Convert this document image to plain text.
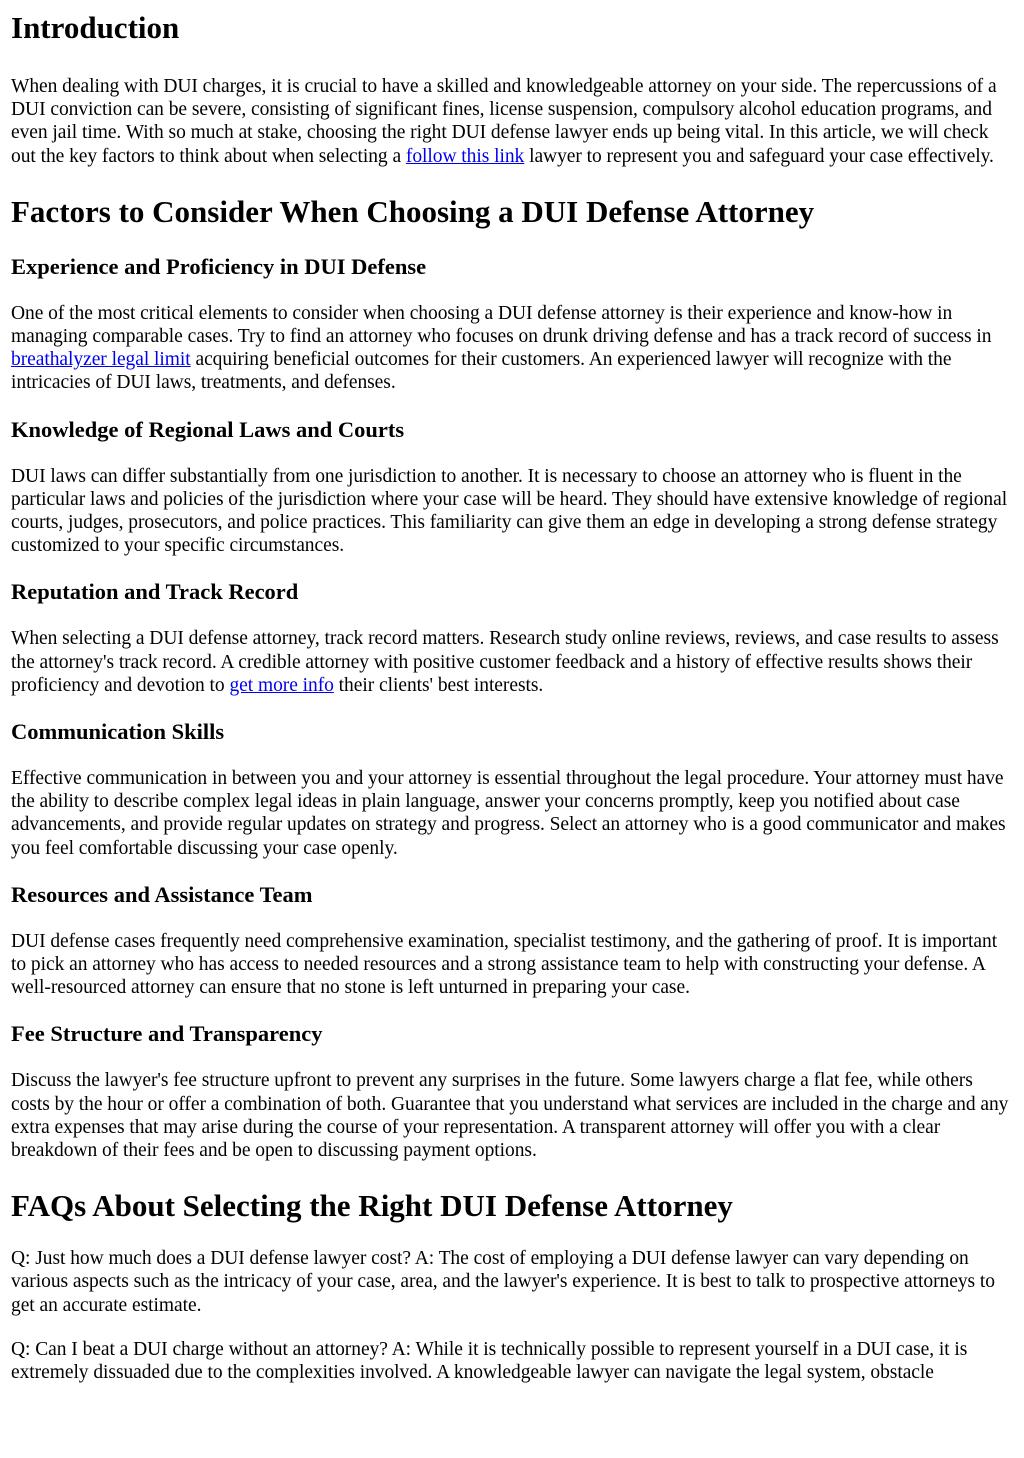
Introduction

When dealing with DUI charges, it is crucial to have a skilled and knowledgeable attorney on your side. The repercussions of a DUI conviction can be severe, consisting of significant fines, license suspension, compulsory alcohol education programs, and even jail time. With so much at stake, choosing the right DUI defense lawyer ends up being vital. In this article, we will check out the key factors to think about when selecting a follow this link lawyer to represent you and safeguard your case effectively.

Factors to Consider When Choosing a DUI Defense Attorney
Experience and Proficiency in DUI Defense

One of the most critical elements to consider when choosing a DUI defense attorney is their experience and know-how in managing comparable cases. Try to find an attorney who focuses on drunk driving defense and has a track record of success in breathalyzer legal limit acquiring beneficial outcomes for their customers. An experienced lawyer will recognize with the intricacies of DUI laws, treatments, and defenses.

Knowledge of Regional Laws and Courts

DUI laws can differ substantially from one jurisdiction to another. It is necessary to choose an attorney who is fluent in the particular laws and policies of the jurisdiction where your case will be heard. They should have extensive knowledge of regional courts, judges, prosecutors, and police practices. This familiarity can give them an edge in developing a strong defense strategy customized to your specific circumstances.

Reputation and Track Record

When selecting a DUI defense attorney, track record matters. Research study online reviews, reviews, and case results to assess the attorney's track record. A credible attorney with positive customer feedback and a history of effective results shows their proficiency and devotion to get more info their clients' best interests.

Communication Skills

Effective communication in between you and your attorney is essential throughout the legal procedure. Your attorney must have the ability to describe complex legal ideas in plain language, answer your concerns promptly, keep you notified about case advancements, and provide regular updates on strategy and progress. Select an attorney who is a good communicator and makes you feel comfortable discussing your case openly.

Resources and Assistance Team

DUI defense cases frequently need comprehensive examination, specialist testimony, and the gathering of proof. It is important to pick an attorney who has access to needed resources and a strong assistance team to help with constructing your defense. A well-resourced attorney can ensure that no stone is left unturned in preparing your case.

Fee Structure and Transparency

Discuss the lawyer's fee structure upfront to prevent any surprises in the future. Some lawyers charge a flat fee, while others costs by the hour or offer a combination of both. Guarantee that you understand what services are included in the charge and any extra expenses that may arise during the course of your representation. A transparent attorney will offer you with a clear breakdown of their fees and be open to discussing payment options.

FAQs About Selecting the Right DUI Defense Attorney

Q: Just how much does a DUI defense lawyer cost? A: The cost of employing a DUI defense lawyer can vary depending on various aspects such as the intricacy of your case, area, and the lawyer's experience. It is best to talk to prospective attorneys to get an accurate estimate.

Q: Can I beat a DUI charge without an attorney? A: While it is technically possible to represent yourself in a DUI case, it is extremely dissuaded due to the complexities involved. A knowledgeable lawyer can navigate the legal system, obstacle
